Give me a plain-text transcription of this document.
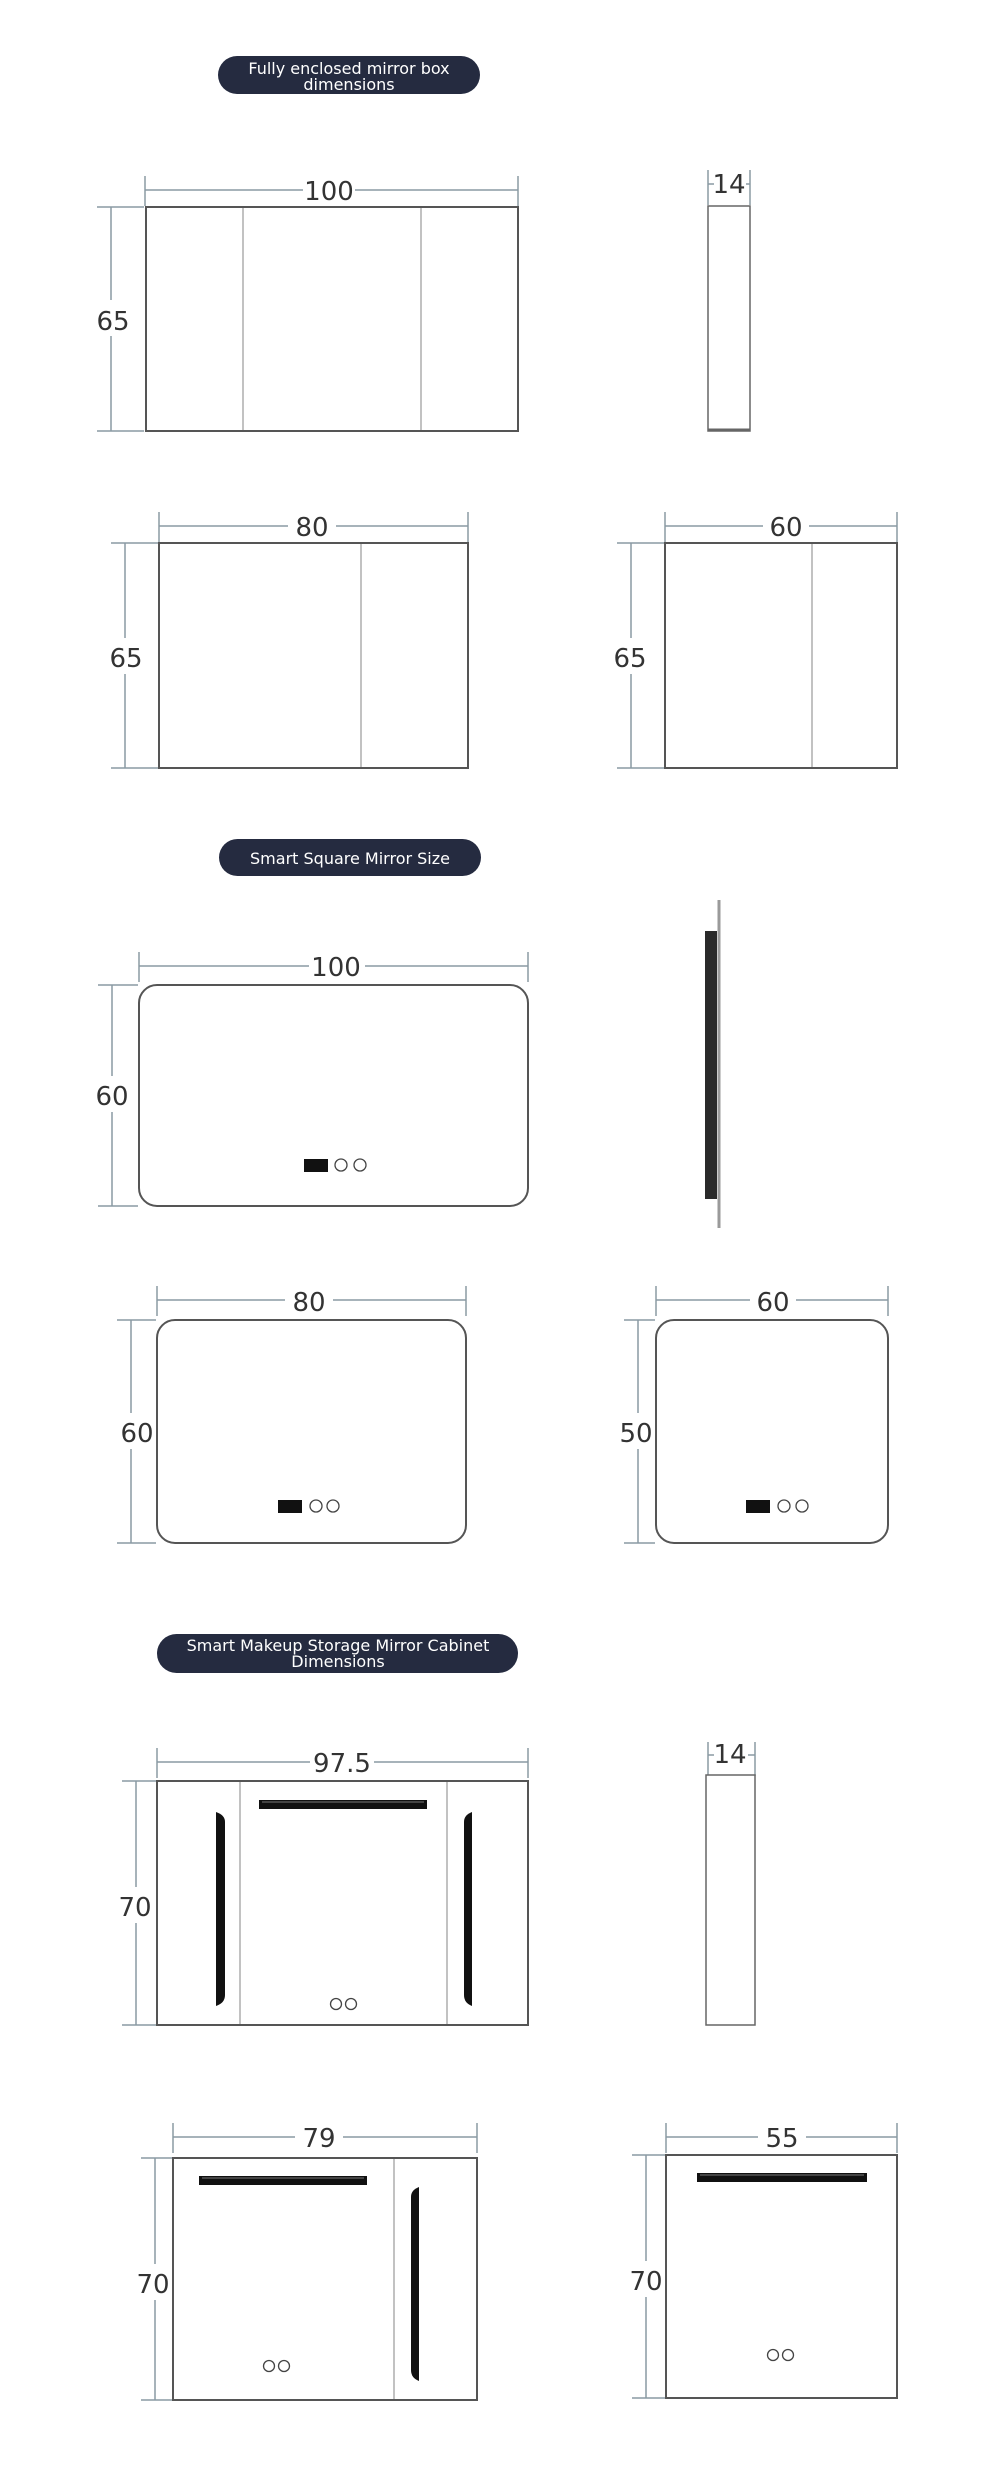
Fully enclosed mirror box
dimensions
100
65
14
80
65
60
65
Smart Square Mirror Size
100
60
80
60
60
50
Smart Makeup Storage Mirror Cabinet
Dimensions
97.5
70
14
79
70
55
70
